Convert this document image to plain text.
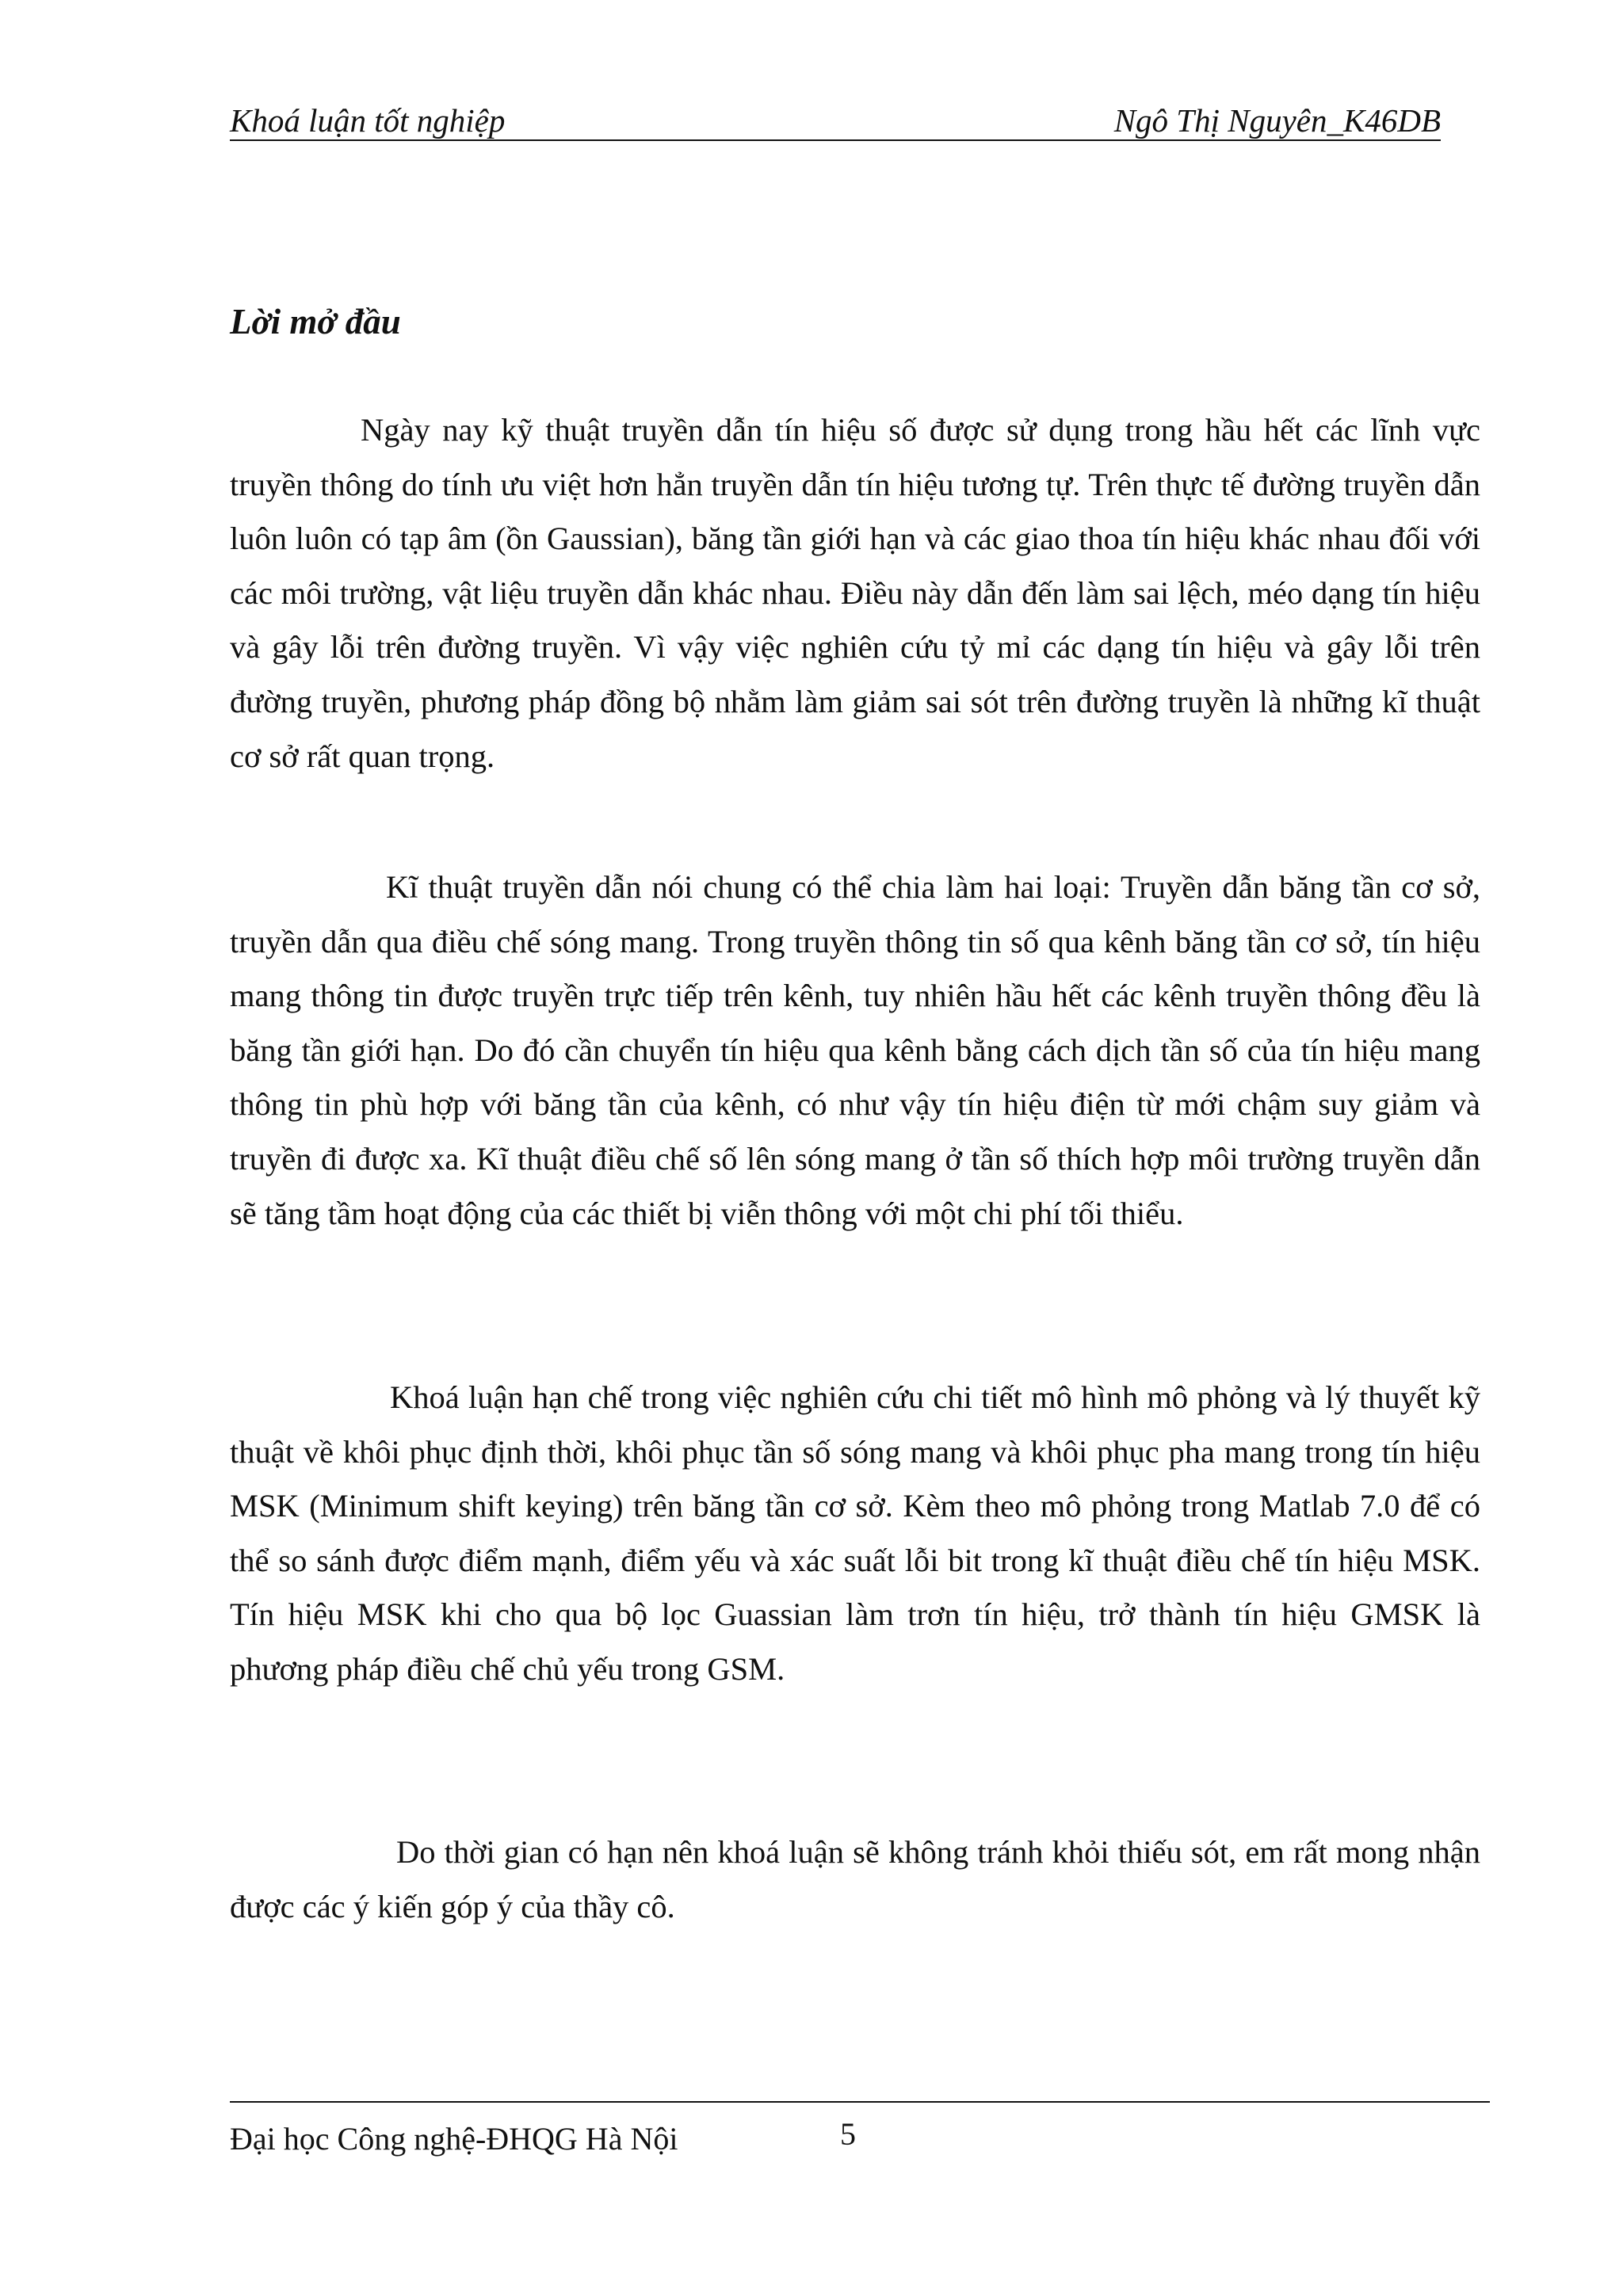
Khoá luận tốt nghiệp	Ngô Thị Nguyên_K46DB
Lời mở đầu

Ngày nay kỹ thuật truyền dẫn tín hiệu số được sử dụng trong hầu hết các lĩnh vực truyền thông do tính ưu việt hơn hẳn truyền dẫn tín hiệu tương tự. Trên thực tế đường truyền dẫn luôn luôn có tạp âm (ồn Gaussian), băng tần giới hạn và các giao thoa tín hiệu khác nhau đối với các môi trường, vật liệu truyền dẫn khác nhau. Điều này dẫn đến làm sai lệch, méo dạng tín hiệu và gây lỗi trên đường truyền. Vì vậy việc nghiên cứu tỷ mỉ các dạng tín hiệu và gây lỗi trên đường truyền, phương pháp đồng bộ nhằm làm giảm sai sót trên đường truyền là những kĩ thuật cơ sở rất quan trọng.

Kĩ thuật truyền dẫn nói chung có thể chia làm hai loại: Truyền dẫn băng tần cơ sở, truyền dẫn qua điều chế sóng mang. Trong truyền thông tin số qua kênh băng tần cơ sở, tín hiệu mang thông tin được truyền trực tiếp trên kênh, tuy nhiên hầu hết các kênh truyền thông đều là băng tần giới hạn. Do đó cần chuyển tín hiệu qua kênh bằng cách dịch tần số của tín hiệu mang thông tin phù hợp với băng tần của kênh, có như vậy tín hiệu điện từ mới chậm suy giảm và truyền đi được xa. Kĩ thuật điều chế số lên sóng mang ở tần số thích hợp môi trường truyền dẫn sẽ tăng tầm hoạt động của các thiết bị viễn thông với một chi phí tối thiểu.

Khoá luận hạn chế trong việc nghiên cứu chi tiết mô hình mô phỏng và lý thuyết kỹ thuật về khôi phục định thời, khôi phục tần số sóng mang và khôi phục pha mang trong tín hiệu MSK (Minimum shift keying) trên băng tần cơ sở. Kèm theo mô phỏng trong Matlab 7.0 để có thể so sánh được điểm mạnh, điểm yếu và xác suất lỗi bit trong kĩ thuật điều chế tín hiệu MSK. Tín hiệu MSK khi cho qua bộ lọc Guassian làm trơn tín hiệu, trở thành tín hiệu GMSK là phương pháp điều chế chủ yếu trong GSM.

Do thời gian có hạn nên khoá luận sẽ không tránh khỏi thiếu sót, em rất mong nhận được các ý kiến góp ý của thầy cô.

Đại học Công nghệ-ĐHQG Hà Nội	5
